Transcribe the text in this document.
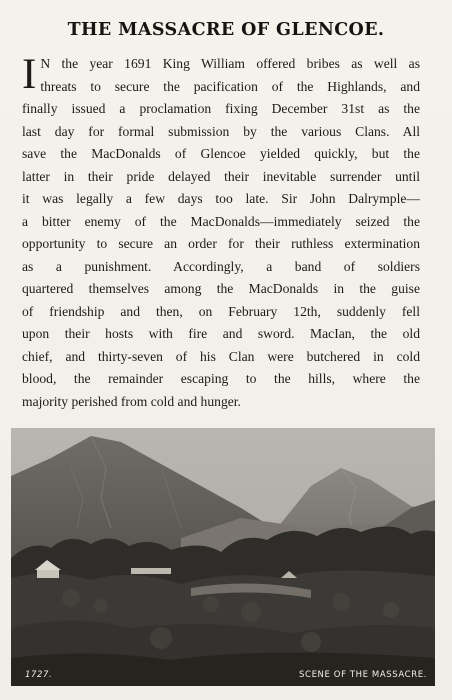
THE MASSACRE OF GLENCOE.
I N the year 1691 King William offered bribes as well as
threats to secure the pacification of the Highlands, and
finally issued a proclamation fixing December 31st as the
last day for formal submission by the various Clans. All
save the MacDonalds of Glencoe yielded quickly, but the
latter in their pride delayed their inevitable surrender until
it was legally a few days too late. Sir John Dalrymple—
a bitter enemy of the MacDonalds—immediately seized the
opportunity to secure an order for their ruthless extermination
as a punishment. Accordingly, a band of soldiers
quartered themselves among the MacDonalds in the guise
of friendship and then, on February 12th, suddenly fell
upon their hosts with fire and sword. MacIan, the old
chief, and thirty-seven of his Clan were butchered in cold
blood, the remainder escaping to the hills, where the
majority perished from cold and hunger.
1727.	SCENE OF THE MASSACRE.
